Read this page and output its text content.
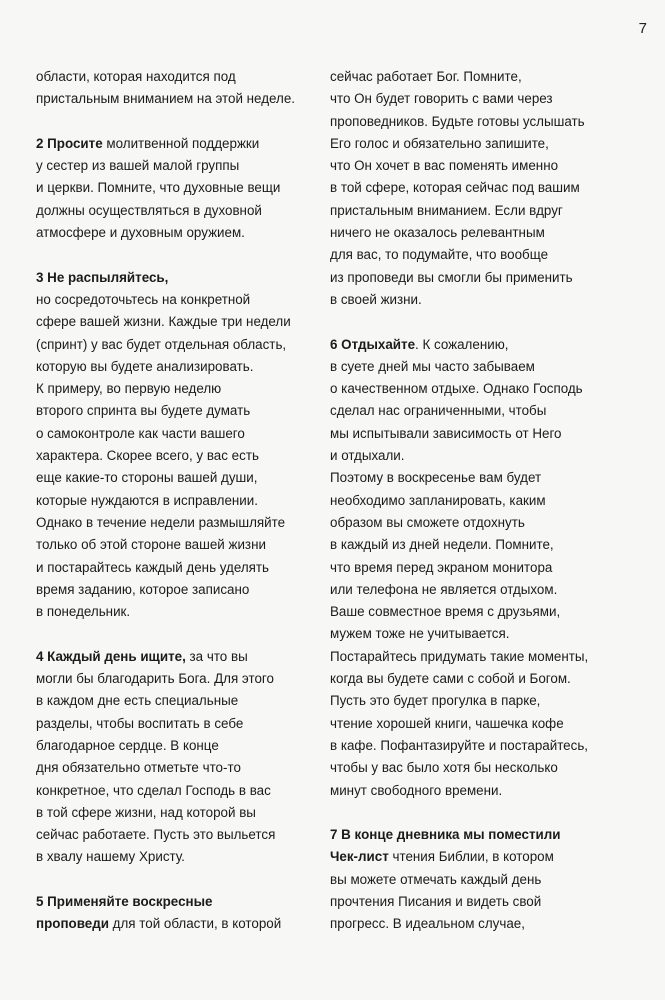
7
области, которая находится под
пристальным вниманием на этой неделе.
2 Просите молитвенной поддержки
у сестер из вашей малой группы
и церкви. Помните, что духовные вещи
должны осуществляться в духовной
атмосфере и духовным оружием.
3 Не распыляйтесь,
но сосредоточьтесь на конкретной
сфере вашей жизни. Каждые три недели
(спринт) у вас будет отдельная область,
которую вы будете анализировать.
К примеру, во первую неделю
второго спринта вы будете думать
о самоконтроле как части вашего
характера. Скорее всего, у вас есть
еще какие-то стороны вашей души,
которые нуждаются в исправлении.
Однако в течение недели размышляйте
только об этой стороне вашей жизни
и постарайтесь каждый день уделять
время заданию, которое записано
в понедельник.
4 Каждый день ищите, за что вы
могли бы благодарить Бога. Для этого
в каждом дне есть специальные
разделы, чтобы воспитать в себе
благодарное сердце. В конце
дня обязательно отметьте что-то
конкретное, что сделал Господь в вас
в той сфере жизни, над которой вы
сейчас работаете. Пусть это выльется
в хвалу нашему Христу.
5 Применяйте воскресные
проповеди для той области, в которой
сейчас работает Бог. Помните,
что Он будет говорить с вами через
проповедников. Будьте готовы услышать
Его голос и обязательно запишите,
что Он хочет в вас поменять именно
в той сфере, которая сейчас под вашим
пристальным вниманием. Если вдруг
ничего не оказалось релевантным
для вас, то подумайте, что вообще
из проповеди вы смогли бы применить
в своей жизни.
6 Отдыхайте. К сожалению,
в суете дней мы часто забываем
о качественном отдыхе. Однако Господь
сделал нас ограниченными, чтобы
мы испытывали зависимость от Него
и отдыхали.
Поэтому в воскресенье вам будет
необходимо запланировать, каким
образом вы сможете отдохнуть
в каждый из дней недели. Помните,
что время перед экраном монитора
или телефона не является отдыхом.
Ваше совместное время с друзьями,
мужем тоже не учитывается.
Постарайтесь придумать такие моменты,
когда вы будете сами с собой и Богом.
Пусть это будет прогулка в парке,
чтение хорошей книги, чашечка кофе
в кафе. Пофантазируйте и постарайтесь,
чтобы у вас было хотя бы несколько
минут свободного времени.
7 В конце дневника мы поместили
Чек-лист чтения Библии, в котором
вы можете отмечать каждый день
прочтения Писания и видеть свой
прогресс. В идеальном случае,
